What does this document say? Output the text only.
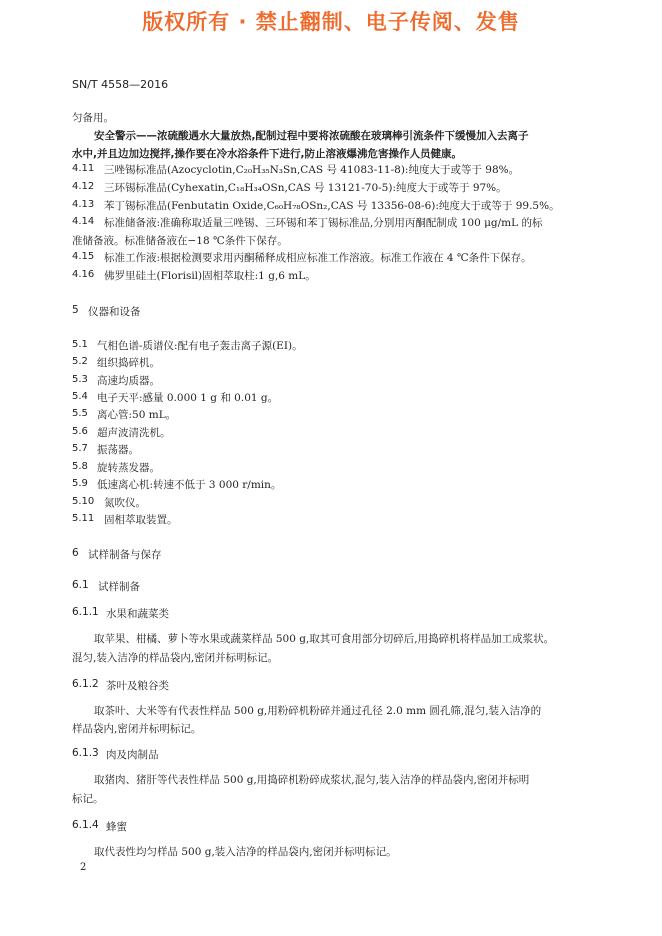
版权所有 · 禁止翻制、电子传阅、发售
SN/T 4558—2016
匀备用。
安全警示——浓硫酸遇水大量放热,配制过程中要将浓硫酸在玻璃棒引流条件下缓慢加入去离子
水中,并且边加边搅拌,操作要在冷水浴条件下进行,防止溶液爆沸危害操作人员健康。
4.11 三唑锡标准品(Azocyclotin,C₂₀H₃₅N₃Sn,CAS 号 41083-11-8):纯度大于或等于 98%。
4.12 三环锡标准品(Cyhexatin,C₁₈H₃₄OSn,CAS 号 13121-70-5):纯度大于或等于 97%。
4.13 苯丁锡标准品(Fenbutatin Oxide,C₆₀H₇₈OSn₂,CAS 号 13356-08-6):纯度大于或等于 99.5%。
4.14 标准储备液:准确称取适量三唑锡、三环锡和苯丁锡标准品,分别用丙酮配制成 100 μg/mL 的标
准储备液。标准储备液在−18 ℃条件下保存。
4.15 标准工作液:根据检测要求用丙酮稀释成相应标准工作溶液。标准工作液在 4 ℃条件下保存。
4.16 佛罗里硅土(Florisil)固相萃取柱:1 g,6 mL。
5 仪器和设备
5.1 气相色谱-质谱仪:配有电子轰击离子源(EI)。
5.2 组织捣碎机。
5.3 高速均质器。
5.4 电子天平:感量 0.000 1 g 和 0.01 g。
5.5 离心管:50 mL。
5.6 超声波清洗机。
5.7 振荡器。
5.8 旋转蒸发器。
5.9 低速离心机:转速不低于 3 000 r/min。
5.10 氮吹仪。
5.11 固相萃取装置。
6 试样制备与保存
6.1 试样制备
6.1.1 水果和蔬菜类
取苹果、柑橘、萝卜等水果或蔬菜样品 500 g,取其可食用部分切碎后,用捣碎机将样品加工成浆状。
混匀,装入洁净的样品袋内,密闭并标明标记。
6.1.2 茶叶及粮谷类
取茶叶、大米等有代表性样品 500 g,用粉碎机粉碎并通过孔径 2.0 mm 圆孔筛,混匀,装入洁净的
样品袋内,密闭并标明标记。
6.1.3 肉及肉制品
取猪肉、猪肝等代表性样品 500 g,用捣碎机粉碎成浆状,混匀,装入洁净的样品袋内,密闭并标明
标记。
6.1.4 蜂蜜
取代表性均匀样品 500 g,装入洁净的样品袋内,密闭并标明标记。
2
